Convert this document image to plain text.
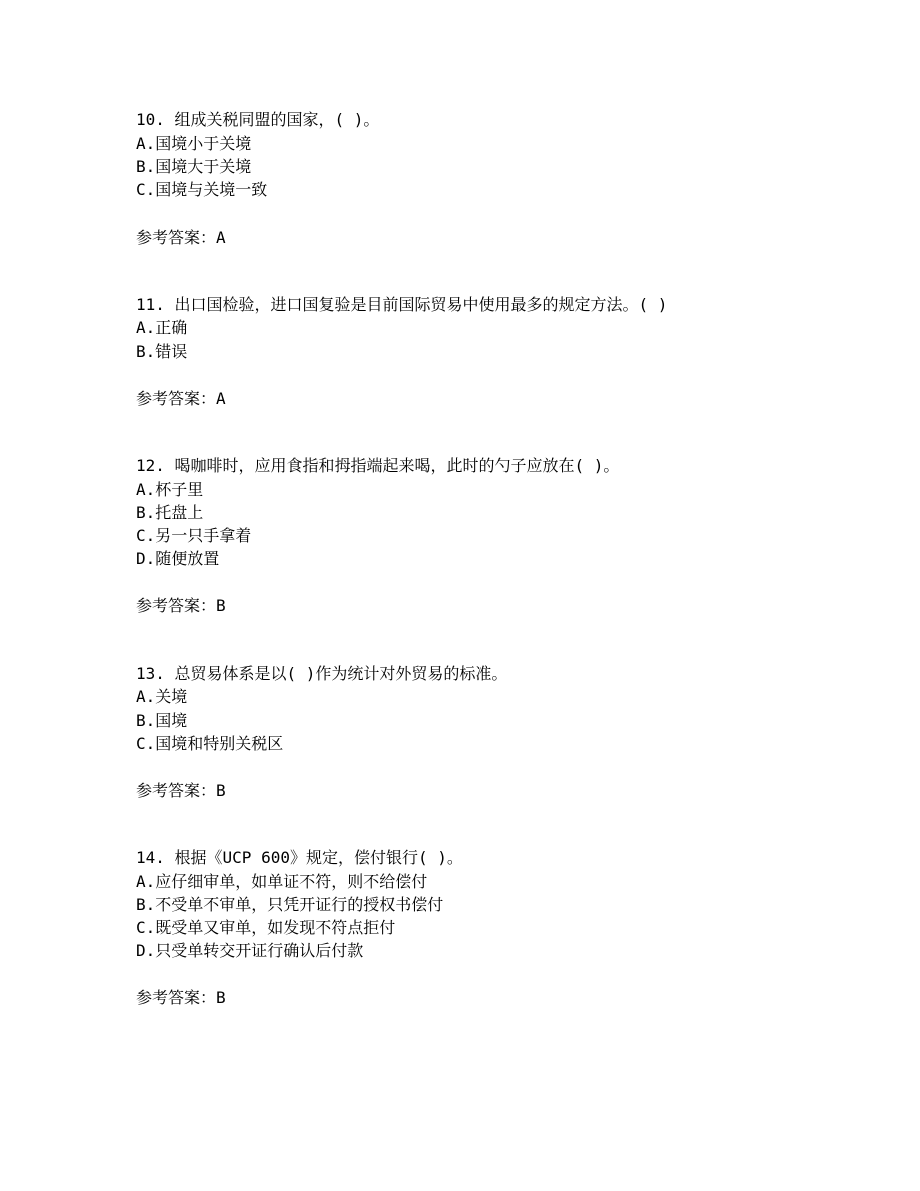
10. 组成关税同盟的国家，( )。
A.国境小于关境
B.国境大于关境
C.国境与关境一致
参考答案：A
11. 出口国检验，进口国复验是目前国际贸易中使用最多的规定方法。( )
A.正确
B.错误
参考答案：A
12. 喝咖啡时，应用食指和拇指端起来喝，此时的勺子应放在( )。
A.杯子里
B.托盘上
C.另一只手拿着
D.随便放置
参考答案：B
13. 总贸易体系是以( )作为统计对外贸易的标准。
A.关境
B.国境
C.国境和特别关税区
参考答案：B
14. 根据《UCP 600》规定，偿付银行( )。
A.应仔细审单，如单证不符，则不给偿付
B.不受单不审单，只凭开证行的授权书偿付
C.既受单又审单，如发现不符点拒付
D.只受单转交开证行确认后付款
参考答案：B
